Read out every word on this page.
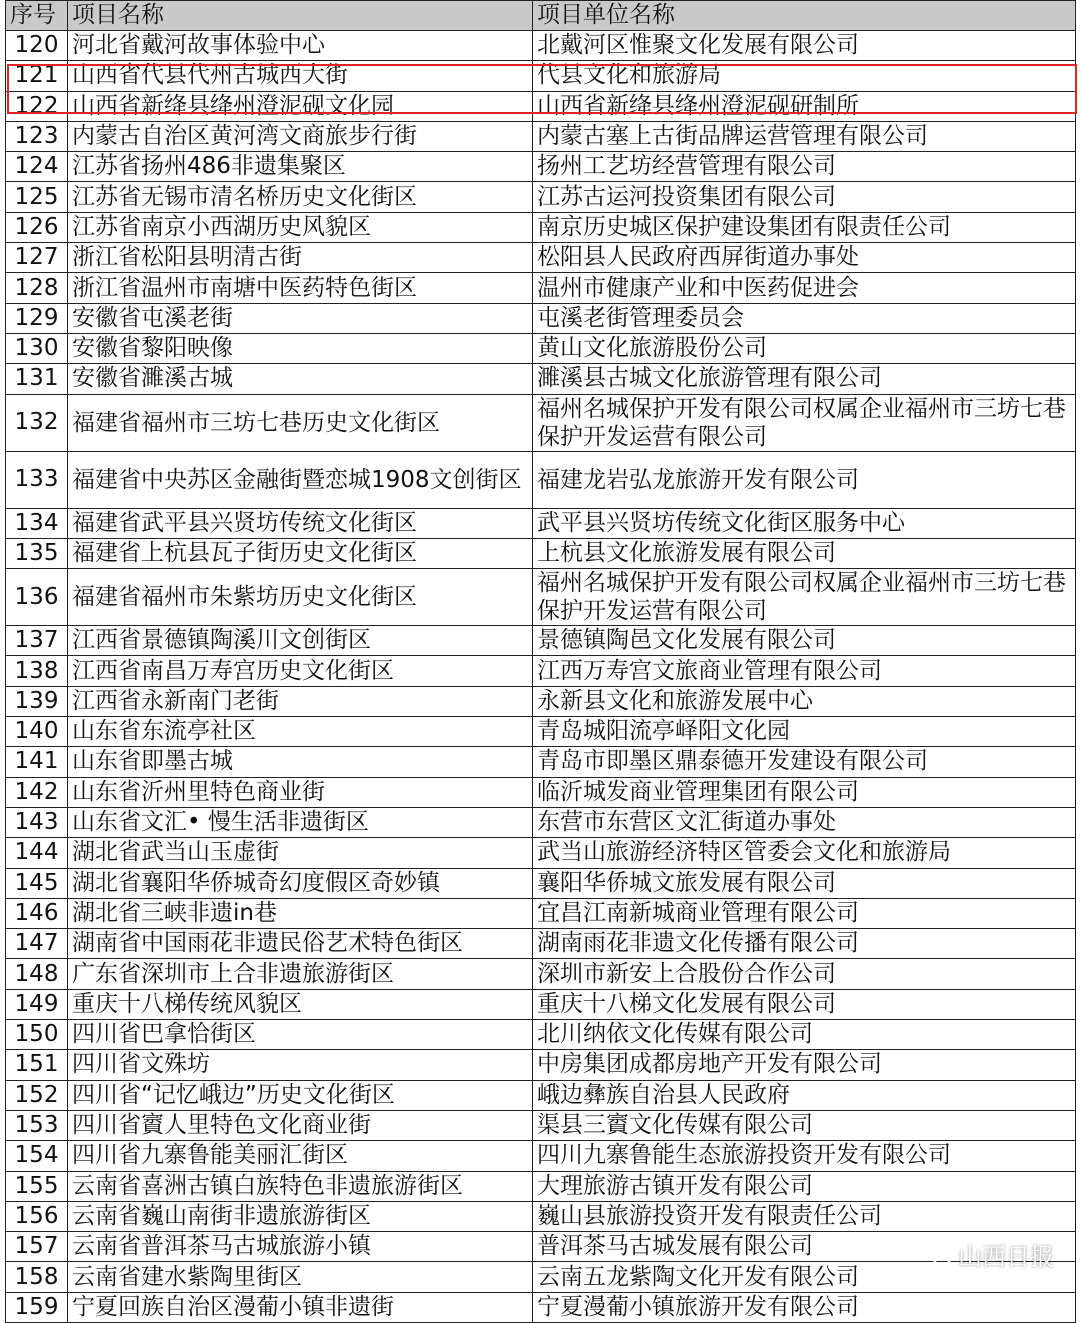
序号	项目名称	项目单位名称
120	河北省戴河故事体验中心	北戴河区惟聚文化发展有限公司
121	山西省代县代州古城西大街	代县文化和旅游局
122	山西省新绛县绛州澄泥砚文化园	山西省新绛县绛州澄泥砚研制所
123	内蒙古自治区黄河湾文商旅步行街	内蒙古塞上古街品牌运营管理有限公司
124	江苏省扬州486非遗集聚区	扬州工艺坊经营管理有限公司
125	江苏省无锡市清名桥历史文化街区	江苏古运河投资集团有限公司
126	江苏省南京小西湖历史风貌区	南京历史城区保护建设集团有限责任公司
127	浙江省松阳县明清古街	松阳县人民政府西屏街道办事处
128	浙江省温州市南塘中医药特色街区	温州市健康产业和中医药促进会
129	安徽省屯溪老街	屯溪老街管理委员会
130	安徽省黎阳映像	黄山文化旅游股份公司
131	安徽省濉溪古城	濉溪县古城文化旅游管理有限公司
132	福建省福州市三坊七巷历史文化街区	福州名城保护开发有限公司权属企业福州市三坊七巷保护开发运营有限公司
133	福建省中央苏区金融街暨恋城1908文创街区	福建龙岩弘龙旅游开发有限公司
134	福建省武平县兴贤坊传统文化街区	武平县兴贤坊传统文化街区服务中心
135	福建省上杭县瓦子街历史文化街区	上杭县文化旅游发展有限公司
136	福建省福州市朱紫坊历史文化街区	福州名城保护开发有限公司权属企业福州市三坊七巷保护开发运营有限公司
137	江西省景德镇陶溪川文创街区	景德镇陶邑文化发展有限公司
138	江西省南昌万寿宫历史文化街区	江西万寿宫文旅商业管理有限公司
139	江西省永新南门老街	永新县文化和旅游发展中心
140	山东省东流亭社区	青岛城阳流亭峄阳文化园
141	山东省即墨古城	青岛市即墨区鼎泰德开发建设有限公司
142	山东省沂州里特色商业街	临沂城发商业管理集团有限公司
143	山东省文汇• 慢生活非遗街区	东营市东营区文汇街道办事处
144	湖北省武当山玉虚街	武当山旅游经济特区管委会文化和旅游局
145	湖北省襄阳华侨城奇幻度假区奇妙镇	襄阳华侨城文旅发展有限公司
146	湖北省三峡非遗in巷	宜昌江南新城商业管理有限公司
147	湖南省中国雨花非遗民俗艺术特色街区	湖南雨花非遗文化传播有限公司
148	广东省深圳市上合非遗旅游街区	深圳市新安上合股份合作公司
149	重庆十八梯传统风貌区	重庆十八梯文化发展有限公司
150	四川省巴拿恰街区	北川纳依文化传媒有限公司
151	四川省文殊坊	中房集团成都房地产开发有限公司
152	四川省“记忆峨边”历史文化街区	峨边彝族自治县人民政府
153	四川省賨人里特色文化商业街	渠县三賨文化传媒有限公司
154	四川省九寨鲁能美丽汇街区	四川九寨鲁能生态旅游投资开发有限公司
155	云南省喜洲古镇白族特色非遗旅游街区	大理旅游古镇开发有限公司
156	云南省巍山南街非遗旅游街区	巍山县旅游投资开发有限责任公司
157	云南省普洱茶马古城旅游小镇	普洱茶马古城发展有限公司
158	云南省建水紫陶里街区	云南五龙紫陶文化开发有限公司
159	宁夏回族自治区漫葡小镇非遗街	宁夏漫葡小镇旅游开发有限公司
山西日报
